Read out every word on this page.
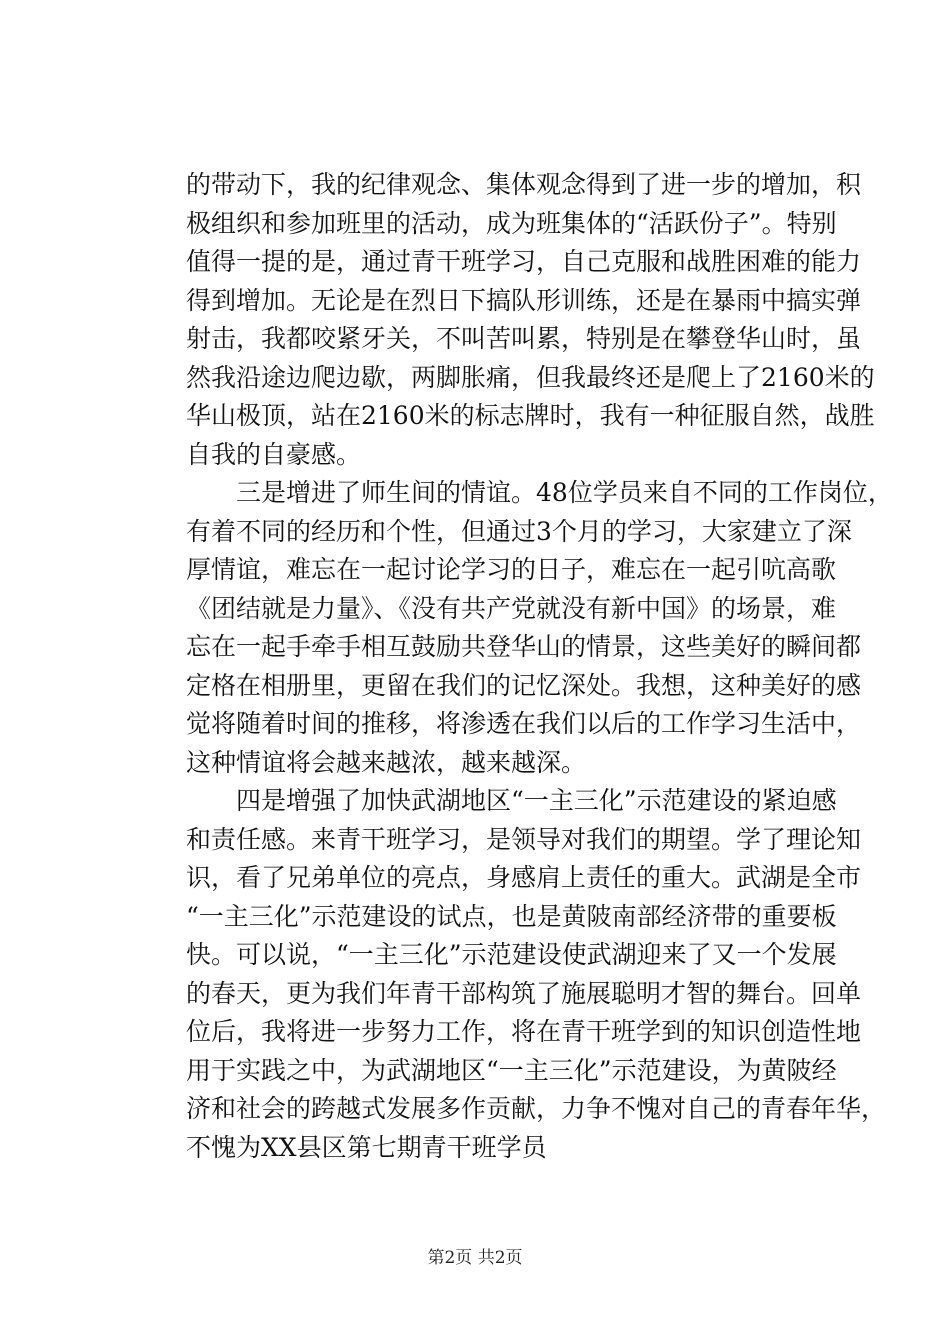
的带动下，我的纪律观念、集体观念得到了进一步的增加，积
极组织和参加班里的活动，成为班集体的“活跃份子”。特别
值得一提的是，通过青干班学习，自己克服和战胜困难的能力
得到增加。无论是在烈日下搞队形训练，还是在暴雨中搞实弹
射击，我都咬紧牙关，不叫苦叫累，特别是在攀登华山时，虽
然我沿途边爬边歇，两脚胀痛，但我最终还是爬上了2160米的
华山极顶，站在2160米的标志牌时，我有一种征服自然，战胜
自我的自豪感。
三是增进了师生间的情谊。48位学员来自不同的工作岗位，
有着不同的经历和个性，但通过3个月的学习，大家建立了深
厚情谊，难忘在一起讨论学习的日子，难忘在一起引吭高歌
《团结就是力量》、《没有共产党就没有新中国》的场景，难
忘在一起手牵手相互鼓励共登华山的情景，这些美好的瞬间都
定格在相册里，更留在我们的记忆深处。我想，这种美好的感
觉将随着时间的推移，将渗透在我们以后的工作学习生活中，
这种情谊将会越来越浓，越来越深。
四是增强了加快武湖地区“一主三化”示范建设的紧迫感
和责任感。来青干班学习，是领导对我们的期望。学了理论知
识，看了兄弟单位的亮点，身感肩上责任的重大。武湖是全市
“一主三化”示范建设的试点，也是黄陂南部经济带的重要板
快。可以说，“一主三化”示范建设使武湖迎来了又一个发展
的春天，更为我们年青干部构筑了施展聪明才智的舞台。回单
位后，我将进一步努力工作，将在青干班学到的知识创造性地
用于实践之中，为武湖地区“一主三化”示范建设，为黄陂经
济和社会的跨越式发展多作贡献，力争不愧对自己的青春年华，
不愧为XX县区第七期青干班学员
第2页 共2页
